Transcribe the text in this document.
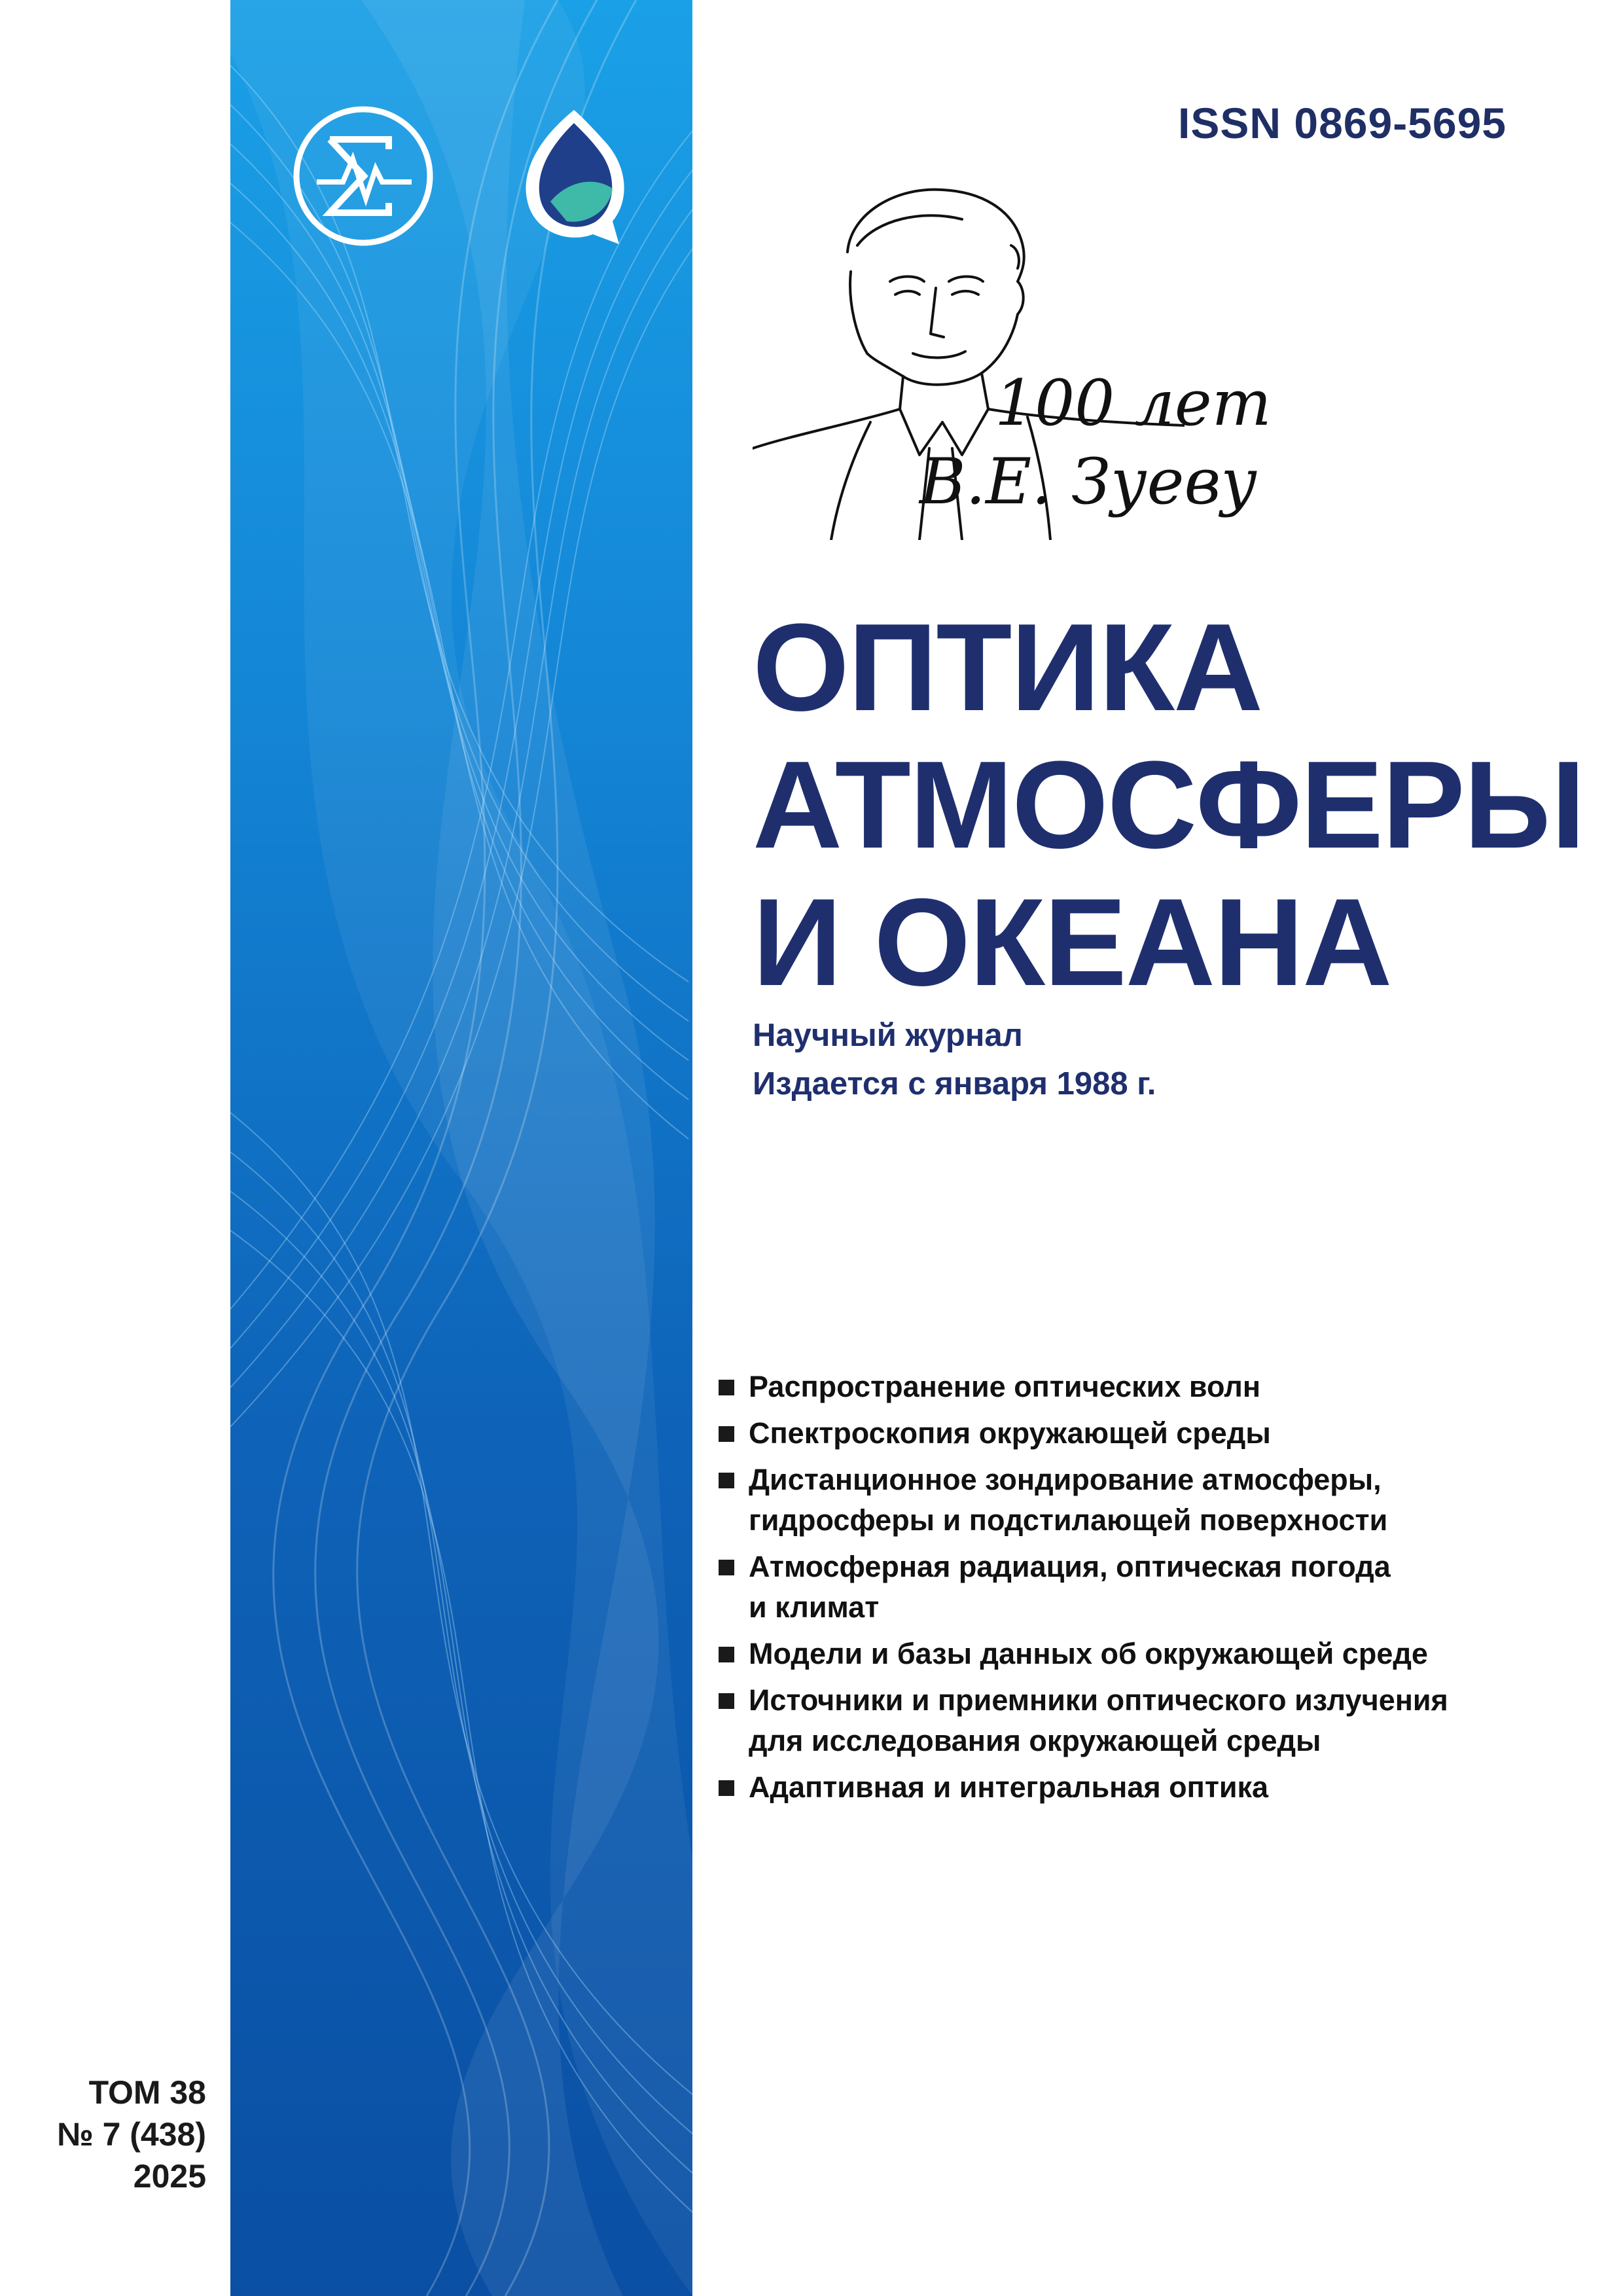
ISSN 0869-5695
100 лет
В.Е. Зуеву
ОПТИКА
АТМОСФЕРЫ
И ОКЕАНА
Научный журнал
Издается с января 1988 г.
Распространение оптических волн
Спектроскопия окружающей среды
Дистанционное зондирование атмосферы,
гидросферы и подстилающей поверхности
Атмосферная радиация, оптическая погода
и климат
Модели и базы данных об окружающей среде
Источники и приемники оптического излучения
для исследования окружающей среды
Адаптивная и интегральная оптика
ТОМ 38
№ 7 (438)
2025
